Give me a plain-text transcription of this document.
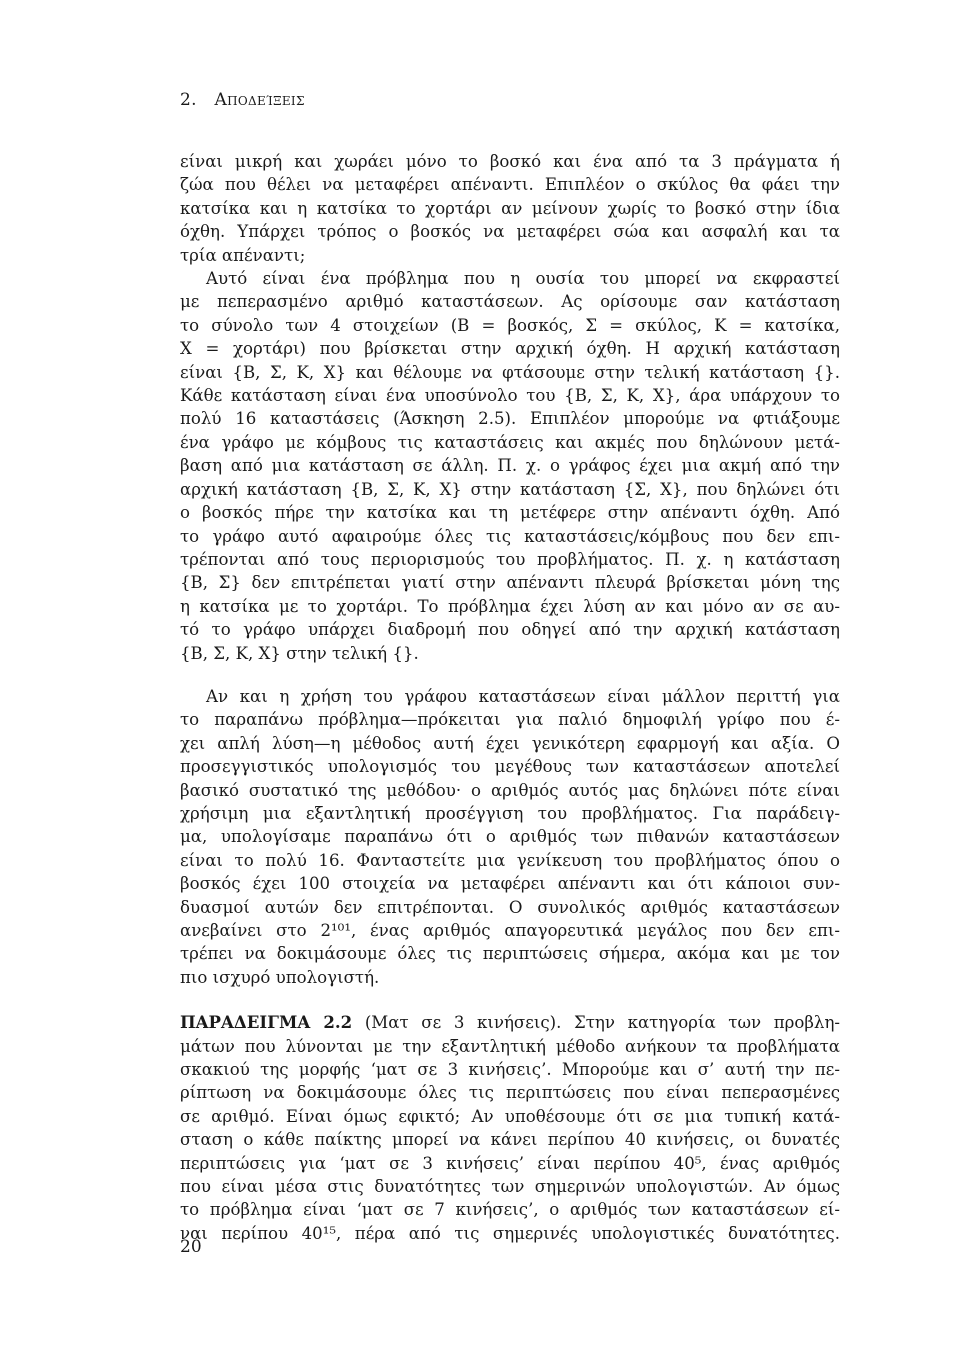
2. Αποδείξεις
είναι μικρή και χωράει μόνο το βοσκό και ένα από τα 3 πράγματα ή
ζώα που θέλει να μεταφέρει απέναντι. Επιπλέον ο σκύλος θα φάει την
κατσίκα και η κατσίκα το χορτάρι αν μείνουν χωρίς το βοσκό στην ίδια
όχθη. Υπάρχει τρόπος ο βοσκός να μεταφέρει σώα και ασφαλή και τα
τρία απέναντι;
Αυτό είναι ένα πρόβλημα που η ουσία του μπορεί να εκφραστεί
με πεπερασμένο αριθμό καταστάσεων. Ας ορίσουμε σαν κατάσταση
το σύνολο των 4 στοιχείων (Β = βοσκός, Σ = σκύλος, Κ = κατσίκα,
Χ = χορτάρι) που βρίσκεται στην αρχική όχθη. Η αρχική κατάσταση
είναι {Β, Σ, Κ, Χ} και θέλουμε να φτάσουμε στην τελική κατάσταση {}.
Κάθε κατάσταση είναι ένα υποσύνολο του {Β, Σ, Κ, Χ}, άρα υπάρχουν το
πολύ 16 καταστάσεις (Άσκηση 2.5). Επιπλέον μπορούμε να φτιάξουμε
ένα γράφο με κόμβους τις καταστάσεις και ακμές που δηλώνουν μετά-
βαση από μια κατάσταση σε άλλη. Π. χ. ο γράφος έχει μια ακμή από την
αρχική κατάσταση {Β, Σ, Κ, Χ} στην κατάσταση {Σ, Χ}, που δηλώνει ότι
ο βοσκός πήρε την κατσίκα και τη μετέφερε στην απέναντι όχθη. Από
το γράφο αυτό αφαιρούμε όλες τις καταστάσεις/κόμβους που δεν επι-
τρέπονται από τους περιορισμούς του προβλήματος. Π. χ. η κατάσταση
{Β, Σ} δεν επιτρέπεται γιατί στην απέναντι πλευρά βρίσκεται μόνη της
η κατσίκα με το χορτάρι. Το πρόβλημα έχει λύση αν και μόνο αν σε αυ-
τό το γράφο υπάρχει διαδρομή που οδηγεί από την αρχική κατάσταση
{Β, Σ, Κ, Χ} στην τελική {}.
Αν και η χρήση του γράφου καταστάσεων είναι μάλλον περιττή για
το παραπάνω πρόβλημα—πρόκειται για παλιό δημοφιλή γρίφο που έ-
χει απλή λύση—η μέθοδος αυτή έχει γενικότερη εφαρμογή και αξία. Ο
προσεγγιστικός υπολογισμός του μεγέθους των καταστάσεων αποτελεί
βασικό συστατικό της μεθόδου· ο αριθμός αυτός μας δηλώνει πότε είναι
χρήσιμη μια εξαντλητική προσέγγιση του προβλήματος. Για παράδειγ-
μα, υπολογίσαμε παραπάνω ότι ο αριθμός των πιθανών καταστάσεων
είναι το πολύ 16. Φανταστείτε μια γενίκευση του προβλήματος όπου ο
βοσκός έχει 100 στοιχεία να μεταφέρει απέναντι και ότι κάποιοι συν-
δυασμοί αυτών δεν επιτρέπονται. Ο συνολικός αριθμός καταστάσεων
ανεβαίνει στο 2¹⁰¹, ένας αριθμός απαγορευτικά μεγάλος που δεν επι-
τρέπει να δοκιμάσουμε όλες τις περιπτώσεις σήμερα, ακόμα και με τον
πιο ισχυρό υπολογιστή.
ΠΑΡΑΔΕΙΓΜΑ 2.2 (Ματ σε 3 κινήσεις). Στην κατηγορία των προβλη-
μάτων που λύνονται με την εξαντλητική μέθοδο ανήκουν τα προβλήματα
σκακιού της μορφής ‘ματ σε 3 κινήσεις’. Μπορούμε και σ’ αυτή την πε-
ρίπτωση να δοκιμάσουμε όλες τις περιπτώσεις που είναι πεπερασμένες
σε αριθμό. Είναι όμως εφικτό; Αν υποθέσουμε ότι σε μια τυπική κατά-
σταση ο κάθε παίκτης μπορεί να κάνει περίπου 40 κινήσεις, οι δυνατές
περιπτώσεις για ‘ματ σε 3 κινήσεις’ είναι περίπου 40⁵, ένας αριθμός
που είναι μέσα στις δυνατότητες των σημερινών υπολογιστών. Αν όμως
το πρόβλημα είναι ‘ματ σε 7 κινήσεις’, ο αριθμός των καταστάσεων εί-
ναι περίπου 40¹⁵, πέρα από τις σημερινές υπολογιστικές δυνατότητες.
20
